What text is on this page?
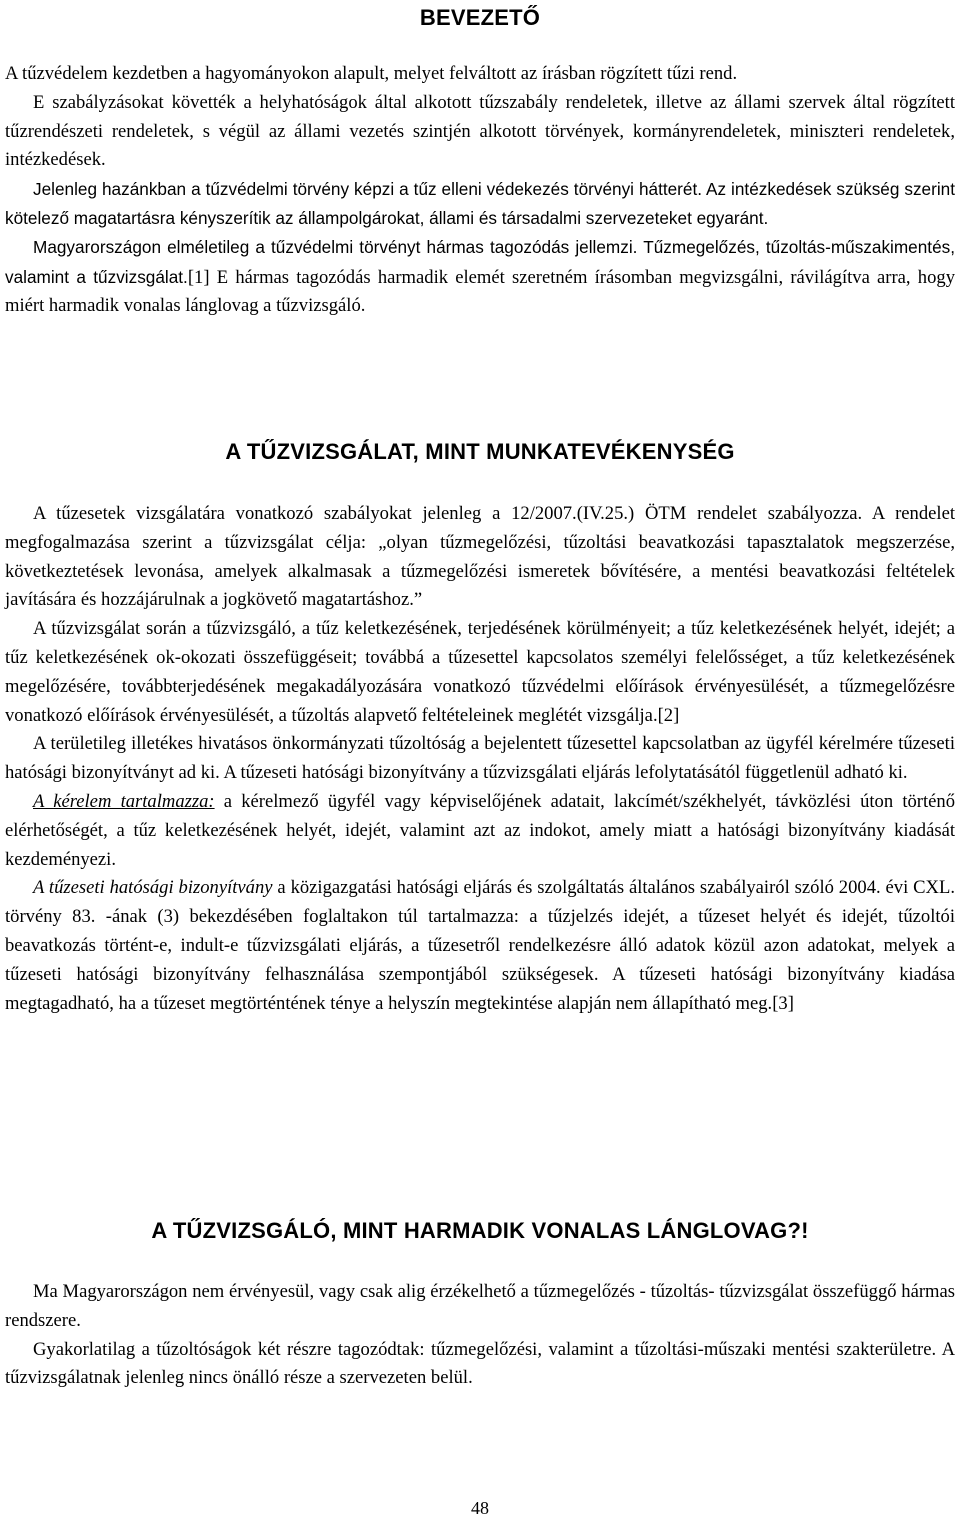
BEVEZETŐ

A tűzvédelem kezdetben a hagyományokon alapult, melyet felváltott az írásban rögzített tűzi rend.

E szabályzásokat követték a helyhatóságok által alkotott tűzszabály rendeletek, illetve az állami szervek által rögzített tűzrendészeti rendeletek, s végül az állami vezetés szintjén alkotott törvények, kormányrendeletek, miniszteri rendeletek, intézkedések.

Jelenleg hazánkban a tűzvédelmi törvény képzi a tűz elleni védekezés törvényi hátterét. Az intézkedések szükség szerint kötelező magatartásra kényszerítik az állampolgárokat, állami és társadalmi szervezeteket egyaránt.

Magyarországon elméletileg a tűzvédelmi törvényt hármas tagozódás jellemzi. Tűzmegelőzés, tűzoltás-műszakimentés, valamint a tűzvizsgálat.[1] E hármas tagozódás harmadik elemét szeretném írásomban megvizsgálni, rávilágítva arra, hogy miért harmadik vonalas lánglovag a tűzvizsgáló.

A TŰZVIZSGÁLAT, MINT MUNKATEVÉKENYSÉG

A tűzesetek vizsgálatára vonatkozó szabályokat jelenleg a 12/2007.(IV.25.) ÖTM rendelet szabályozza. A rendelet megfogalmazása szerint a tűzvizsgálat célja: „olyan tűzmegelőzési, tűzoltási beavatkozási tapasztalatok megszerzése, következtetések levonása, amelyek alkalmasak a tűzmegelőzési ismeretek bővítésére, a mentési beavatkozási feltételek javítására és hozzájárulnak a jogkövető magatartáshoz.”

A tűzvizsgálat során a tűzvizsgáló, a tűz keletkezésének, terjedésének körülményeit; a tűz keletkezésének helyét, idejét; a tűz keletkezésének ok-okozati összefüggéseit; továbbá a tűzesettel kapcsolatos személyi felelősséget, a tűz keletkezésének megelőzésére, továbbterjedésének megakadályozására vonatkozó tűzvédelmi előírások érvényesülését, a tűzmegelőzésre vonatkozó előírások érvényesülését, a tűzoltás alapvető feltételeinek meglétét vizsgálja.[2]

A területileg illetékes hivatásos önkormányzati tűzoltóság a bejelentett tűzesettel kapcsolatban az ügyfél kérelmére tűzeseti hatósági bizonyítványt ad ki. A tűzeseti hatósági bizonyítvány a tűzvizsgálati eljárás lefolytatásától függetlenül adható ki.

A kérelem tartalmazza: a kérelmező ügyfél vagy képviselőjének adatait, lakcímét/székhelyét, távközlési úton történő elérhetőségét, a tűz keletkezésének helyét, idejét, valamint azt az indokot, amely miatt a hatósági bizonyítvány kiadását kezdeményezi.

A tűzeseti hatósági bizonyítvány a közigazgatási hatósági eljárás és szolgáltatás általános szabályairól szóló 2004. évi CXL. törvény 83. -ának (3) bekezdésében foglaltakon túl tartalmazza: a tűzjelzés idejét, a tűzeset helyét és idejét, tűzoltói beavatkozás történt-e, indult-e tűzvizsgálati eljárás, a tűzesetről rendelkezésre álló adatok közül azon adatokat, melyek a tűzeseti hatósági bizonyítvány felhasználása szempontjából szükségesek. A tűzeseti hatósági bizonyítvány kiadása megtagadható, ha a tűzeset megtörténtének ténye a helyszín megtekintése alapján nem állapítható meg.[3]

A TŰZVIZSGÁLÓ, MINT HARMADIK VONALAS LÁNGLOVAG?!

Ma Magyarországon nem érvényesül, vagy csak alig érzékelhető a tűzmegelőzés - tűzoltás- tűzvizsgálat összefüggő hármas rendszere.

Gyakorlatilag a tűzoltóságok két részre tagozódtak: tűzmegelőzési, valamint a tűzoltási-műszaki mentési szakterületre. A tűzvizsgálatnak jelenleg nincs önálló része a szervezeten belül.

48
